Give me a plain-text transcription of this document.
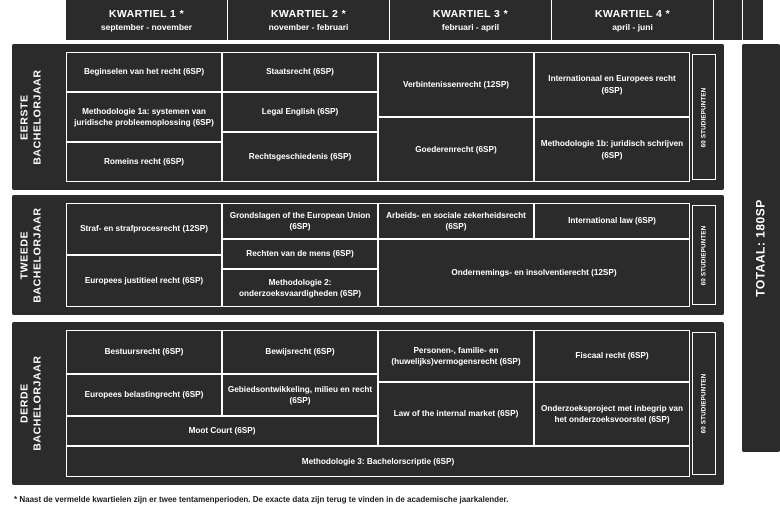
KWARTIEL 1 *
september - november
KWARTIEL 2 *
november - februari
KWARTIEL 3 *
februari - april
KWARTIEL 4 *
april - juni
EERSTE
BACHELORJAAR	Beginselen van het recht (6SP)
Methodologie 1a: systemen van juridische probleemoplossing (6SP)
Romeins recht (6SP)
Staatsrecht (6SP)
Legal English (6SP)
Rechtsgeschiedenis (6SP)
Verbintenissenrecht (12SP)
Goederenrecht (6SP)
Internationaal en Europees recht (6SP)
Methodologie 1b: juridisch schrijven (6SP)
60 STUDIEPUNTEN
TWEEDE
BACHELORJAAR	Straf- en strafprocesrecht (12SP)
Europees justitieel recht (6SP)
Grondslagen of the European Union (6SP)
Rechten van de mens (6SP)
Methodologie 2: onderzoeksvaardigheden (6SP)
Arbeids- en sociale zekerheidsrecht (6SP)
Ondernemings- en insolventierecht (12SP)
International law (6SP)
60 STUDIEPUNTEN
DERDE
BACHELORJAAR
Bestuursrecht (6SP)
Europees belastingrecht (6SP)
Bewijsrecht (6SP)
Gebiedsontwikkeling, milieu en recht (6SP)
Moot Court (6SP)
Personen-, familie- en (huwelijks)vermogensrecht (6SP)
Law of the internal market (6SP)
Fiscaal recht (6SP)
Onderzoeksproject met inbegrip van het onderzoeksvoorstel (6SP)
Methodologie 3: Bachelorscriptie (6SP)
60 STUDIEPUNTEN
TOTAAL: 180SP
* Naast de vermelde kwartielen zijn er twee tentamenperioden. De exacte data zijn terug te vinden in de academische jaarkalender.
